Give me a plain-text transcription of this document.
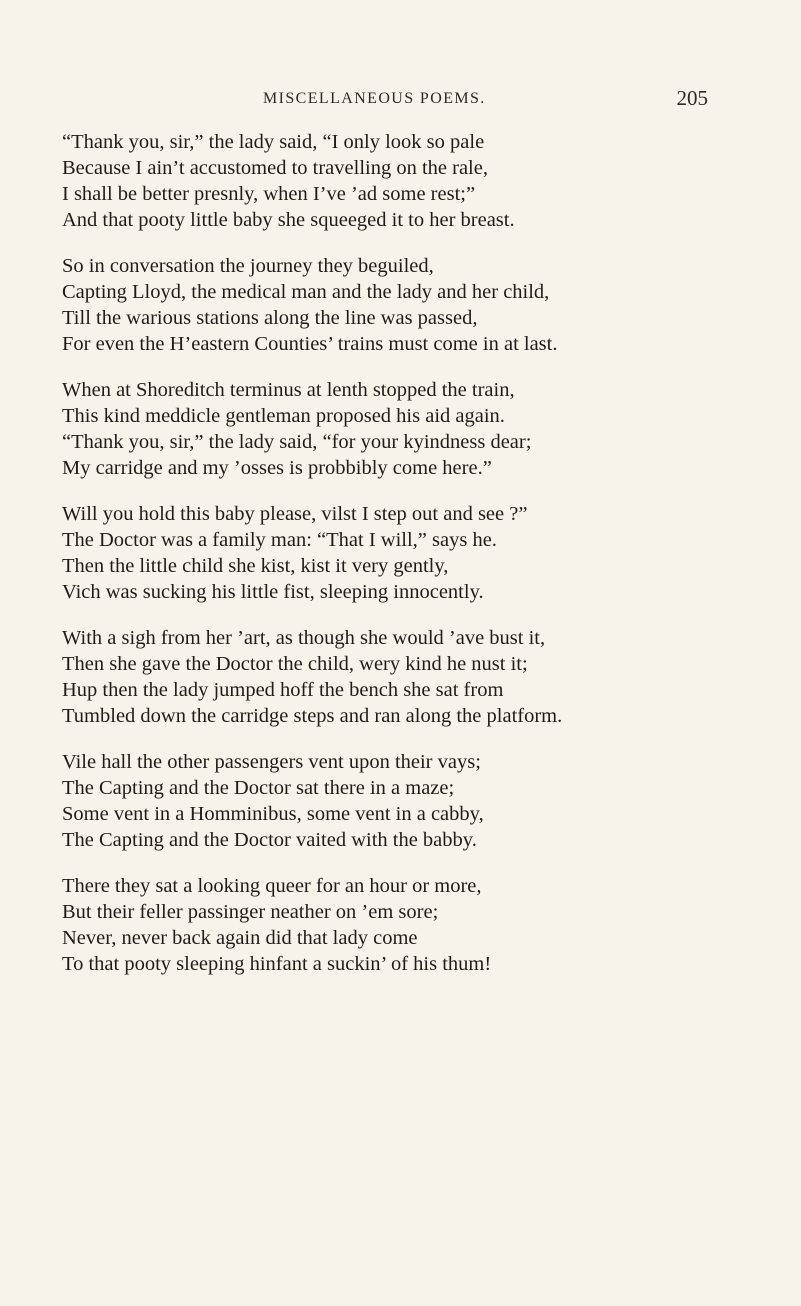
MISCELLANEOUS POEMS.	205
“Thank you, sir,” the lady said, “I only look so pale
Because I ain’t accustomed to travelling on the rale,
I shall be better presnly, when I’ve ’ad some rest;”
And that pooty little baby she squeeged it to her breast.
So in conversation the journey they beguiled,
Capting Lloyd, the medical man and the lady and her child,
Till the warious stations along the line was passed,
For even the H’eastern Counties’ trains must come in at last.
When at Shoreditch terminus at lenth stopped the train,
This kind meddicle gentleman proposed his aid again.
“Thank you, sir,” the lady said, “for your kyindness dear;
My carridge and my ’osses is probbibly come here.”
Will you hold this baby please, vilst I step out and see ?”
The Doctor was a family man: “That I will,” says he.
Then the little child she kist, kist it very gently,
Vich was sucking his little fist, sleeping innocently.
With a sigh from her ’art, as though she would ’ave bust it,
Then she gave the Doctor the child, wery kind he nust it;
Hup then the lady jumped hoff the bench she sat from
Tumbled down the carridge steps and ran along the platform.
Vile hall the other passengers vent upon their vays;
The Capting and the Doctor sat there in a maze;
Some vent in a Homminibus, some vent in a cabby,
The Capting and the Doctor vaited with the babby.
There they sat a looking queer for an hour or more,
But their feller passinger neather on ’em sore;
Never, never back again did that lady come
To that pooty sleeping hinfant a suckin’ of his thum!
